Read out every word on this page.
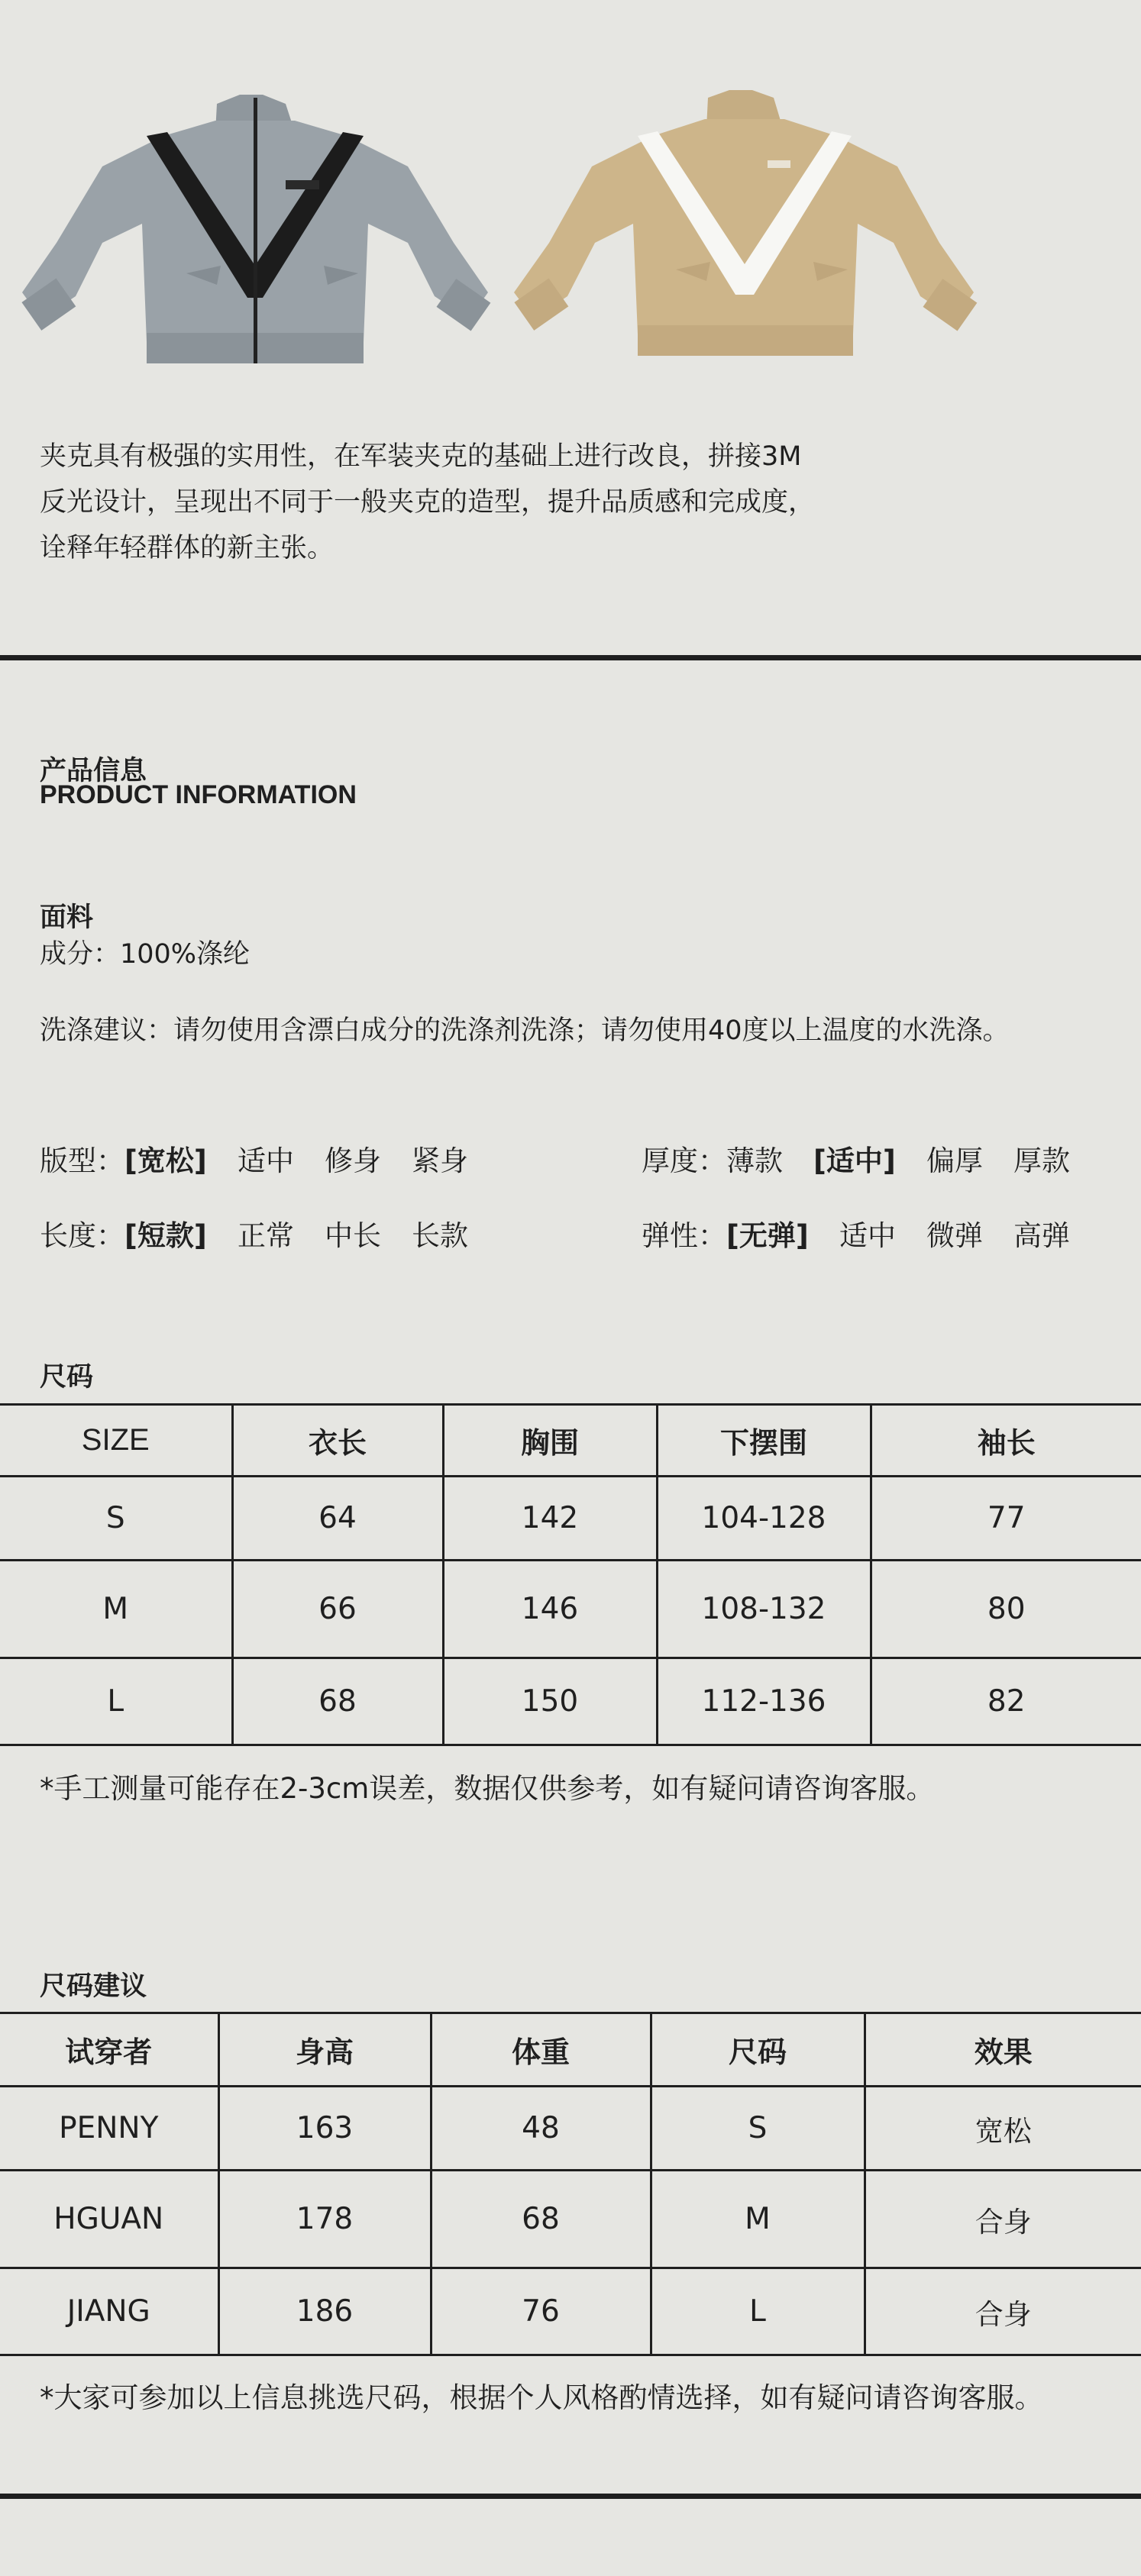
夹克具有极强的实用性，在军装夹克的基础上进行改良，拼接3M
反光设计，呈现出不同于一般夹克的造型，提升品质感和完成度，
诠释年轻群体的新主张。
产品信息
PRODUCT INFORMATION
面料
成分：100%涤纶
洗涤建议：请勿使用含漂白成分的洗涤剂洗涤；请勿使用40度以上温度的水洗涤。
版型：[宽松] 适中 修身 紧身	厚度：薄款 [适中] 偏厚 厚款
长度：[短款] 正常 中长 长款	弹性：[无弹] 适中 微弹 高弹
尺码
SIZE	衣长	胸围	下摆围	袖长
S	64	142	104-128	77
M	66	146	108-132	80
L	68	150	112-136	82
*手工测量可能存在2-3cm误差，数据仅供参考，如有疑问请咨询客服。
尺码建议
试穿者	身高	体重	尺码	效果
PENNY	163	48	S	宽松
HGUAN	178	68	M	合身
JIANG	186	76	L	合身
*大家可参加以上信息挑选尺码，根据个人风格酌情选择，如有疑问请咨询客服。
